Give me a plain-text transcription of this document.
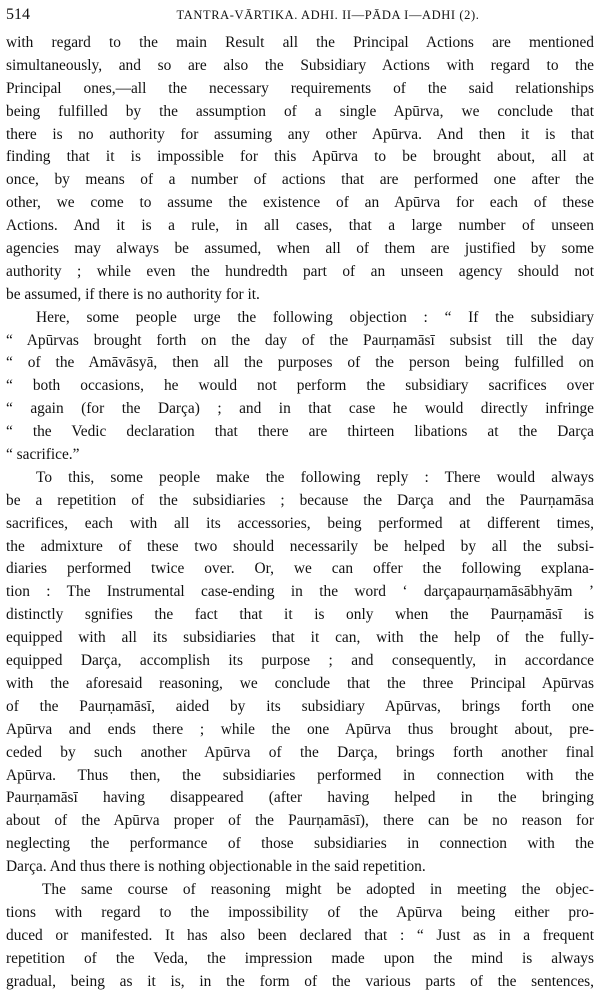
514	TANTRA-VĀRTIKA. ADHI. II—PĀDA I—ADHI (2).
with regard to the main Result all the Principal Actions are mentioned
simultaneously, and so are also the Subsidiary Actions with regard to the
Principal ones,—all the necessary requirements of the said relationships
being fulfilled by the assumption of a single Apūrva, we conclude that
there is no authority for assuming any other Apūrva. And then it is that
finding that it is impossible for this Apūrva to be brought about, all at
once, by means of a number of actions that are performed one after the
other, we come to assume the existence of an Apūrva for each of these
Actions. And it is a rule, in all cases, that a large number of unseen
agencies may always be assumed, when all of them are justified by some
authority ; while even the hundredth part of an unseen agency should not
be assumed, if there is no authority for it.
Here, some people urge the following objection : “ If the subsidiary
“ Apūrvas brought forth on the day of the Paurṇamāsī subsist till the day
“ of the Amāvāsyā, then all the purposes of the person being fulfilled on
“ both occasions, he would not perform the subsidiary sacrifices over
“ again (for the Darça) ; and in that case he would directly infringe
“ the Vedic declaration that there are thirteen libations at the Darça
“ sacrifice.”
To this, some people make the following reply : There would always
be a repetition of the subsidiaries ; because the Darça and the Paurṇamāsa
sacrifices, each with all its accessories, being performed at different times,
the admixture of these two should necessarily be helped by all the subsi-
diaries performed twice over. Or, we can offer the following explana-
tion : The Instrumental case-ending in the word ‘ darçapaurṇamāsābhyām ’
distinctly sgnifies the fact that it is only when the Paurṇamāsī is
equipped with all its subsidiaries that it can, with the help of the fully-
equipped Darça, accomplish its purpose ; and consequently, in accordance
with the aforesaid reasoning, we conclude that the three Principal Apūrvas
of the Paurṇamāsī, aided by its subsidiary Apūrvas, brings forth one
Apūrva and ends there ; while the one Apūrva thus brought about, pre-
ceded by such another Apūrva of the Darça, brings forth another final
Apūrva. Thus then, the subsidiaries performed in connection with the
Paurṇamāsī having disappeared (after having helped in the bringing
about of the Apūrva proper of the Paurṇamāsī), there can be no reason for
neglecting the performance of those subsidiaries in connection with the
Darça. And thus there is nothing objectionable in the said repetition.
The same course of reasoning might be adopted in meeting the objec-
tions with regard to the impossibility of the Apūrva being either pro-
duced or manifested. It has also been declared that : “ Just as in a frequent
repetition of the Veda, the impression made upon the mind is always
gradual, being as it is, in the form of the various parts of the sentences,
